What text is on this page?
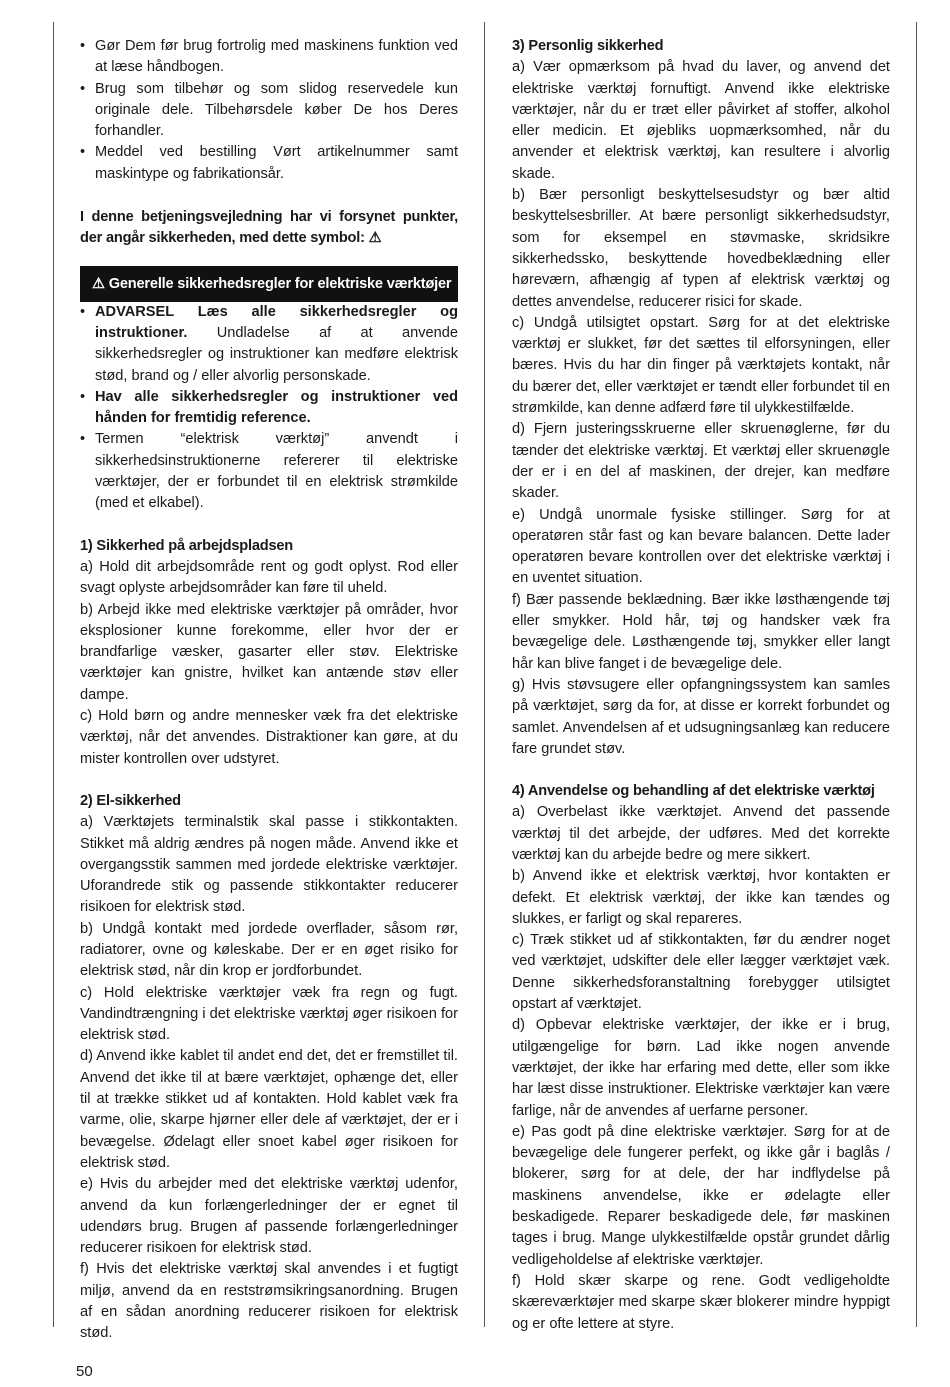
• Gør Dem før brug fortrolig med maskinens funktion ved at læse håndbogen.
• Brug som tilbehør og som slidog reservedele kun originale dele. Tilbehørsdele køber De hos Deres forhandler.
• Meddel ved bestilling Vørt artikelnummer samt maskintype og fabrikationsår.
I denne betjeningsvejledning har vi forsynet punkter, der angår sikkerheden, med dette symbol: ⚠
⚠ Generelle sikkerhedsregler for elektriske værktøjer
• ADVARSEL Læs alle sikkerhedsregler og instruktioner. Undladelse af at anvende sikkerhedsregler og instruktioner kan medføre elektrisk stød, brand og / eller alvorlig personskade.
• Hav alle sikkerhedsregler og instruktioner ved hånden for fremtidig reference.
• Termen “elektrisk værktøj” anvendt i sikkerhedsinstruktionerne refererer til elektriske værktøjer, der er forbundet til en elektrisk strømkilde (med et elkabel).
1) Sikkerhed på arbejdspladsen

a) Hold dit arbejdsområde rent og godt oplyst. Rod eller svagt oplyste arbejdsområder kan føre til uheld.

b) Arbejd ikke med elektriske værktøjer på områder, hvor eksplosioner kunne forekomme, eller hvor der er brandfarlige væsker, gasarter eller støv. Elektriske værktøjer kan gnistre, hvilket kan antænde støv eller dampe.

c) Hold børn og andre mennesker væk fra det elektriske værktøj, når det anvendes. Distraktioner kan gøre, at du mister kontrollen over udstyret.

2) El-sikkerhed

a) Værktøjets terminalstik skal passe i stikkontakten. Stikket må aldrig ændres på nogen måde. Anvend ikke et overgangsstik sammen med jordede elektriske værktøjer. Uforandrede stik og passende stikkontakter reducerer risikoen for elektrisk stød.

b) Undgå kontakt med jordede overflader, såsom rør, radiatorer, ovne og køleskabe. Der er en øget risiko for elektrisk stød, når din krop er jordforbundet.

c) Hold elektriske værktøjer væk fra regn og fugt. Vandindtrængning i det elektriske værktøj øger risikoen for elektrisk stød.

d) Anvend ikke kablet til andet end det, det er fremstillet til. Anvend det ikke til at bære værktøjet, ophænge det, eller til at trække stikket ud af kontakten. Hold kablet væk fra varme, olie, skarpe hjørner eller dele af værktøjet, der er i bevægelse. Ødelagt eller snoet kabel øger risikoen for elektrisk stød.

e) Hvis du arbejder med det elektriske værktøj udenfor, anvend da kun forlængerledninger der er egnet til udendørs brug. Brugen af passende forlængerledninger reducerer risikoen for elektrisk stød.

f) Hvis det elektriske værktøj skal anvendes i et fugtigt miljø, anvend da en reststrømsikringsanordning. Brugen af en sådan anordning reducerer risikoen for elektrisk stød.

3) Personlig sikkerhed

a) Vær opmærksom på hvad du laver, og anvend det elektriske værktøj fornuftigt. Anvend ikke elektriske værktøjer, når du er træt eller påvirket af stoffer, alkohol eller medicin. Et øjebliks uopmærksomhed, når du anvender et elektrisk værktøj, kan resultere i alvorlig skade.

b) Bær personligt beskyttelsesudstyr og bær altid beskyttelsesbriller. At bære personligt sikkerhedsudstyr, som for eksempel en støvmaske, skridsikre sikkerhedssko, beskyttende hovedbeklædning eller høreværn, afhængig af typen af elektrisk værktøj og dettes anvendelse, reducerer risici for skade.

c) Undgå utilsigtet opstart. Sørg for at det elektriske værktøj er slukket, før det sættes til elforsyningen, eller bæres. Hvis du har din finger på værktøjets kontakt, når du bærer det, eller værktøjet er tændt eller forbundet til en strømkilde, kan denne adfærd føre til ulykkestilfælde.

d) Fjern justeringsskruerne eller skruenøglerne, før du tænder det elektriske værktøj. Et værktøj eller skruenøgle der er i en del af maskinen, der drejer, kan medføre skader.

e) Undgå unormale fysiske stillinger. Sørg for at operatøren står fast og kan bevare balancen. Dette lader operatøren bevare kontrollen over det elektriske værktøj i en uventet situation.

f) Bær passende beklædning. Bær ikke løsthængende tøj eller smykker. Hold hår, tøj og handsker væk fra bevægelige dele. Løsthængende tøj, smykker eller langt hår kan blive fanget i de bevægelige dele.

g) Hvis støvsugere eller opfangningssystem kan samles på værktøjet, sørg da for, at disse er korrekt forbundet og samlet. Anvendelsen af et udsugningsanlæg kan reducere fare grundet støv.

4) Anvendelse og behandling af det elektriske værktøj

a) Overbelast ikke værktøjet. Anvend det passende værktøj til det arbejde, der udføres. Med det korrekte værktøj kan du arbejde bedre og mere sikkert.

b) Anvend ikke et elektrisk værktøj, hvor kontakten er defekt. Et elektrisk værktøj, der ikke kan tændes og slukkes, er farligt og skal repareres.

c) Træk stikket ud af stikkontakten, før du ændrer noget ved værktøjet, udskifter dele eller lægger værktøjet væk. Denne sikkerhedsforanstaltning forebygger utilsigtet opstart af værktøjet.

d) Opbevar elektriske værktøjer, der ikke er i brug, utilgængelige for børn. Lad ikke nogen anvende værktøjet, der ikke har erfaring med dette, eller som ikke har læst disse instruktioner. Elektriske værktøjer kan være farlige, når de anvendes af uerfarne personer.

e) Pas godt på dine elektriske værktøjer. Sørg for at de bevægelige dele fungerer perfekt, og ikke går i baglås / blokerer, sørg for at dele, der har indflydelse på maskinens anvendelse, ikke er ødelagte eller beskadigede. Reparer beskadigede dele, før maskinen tages i brug. Mange ulykkestilfælde opstår grundet dårlig vedligeholdelse af elektriske værktøjer.

f) Hold skær skarpe og rene. Godt vedligeholdte skæreværktøjer med skarpe skær blokerer mindre hyppigt og er ofte lettere at styre.

50
